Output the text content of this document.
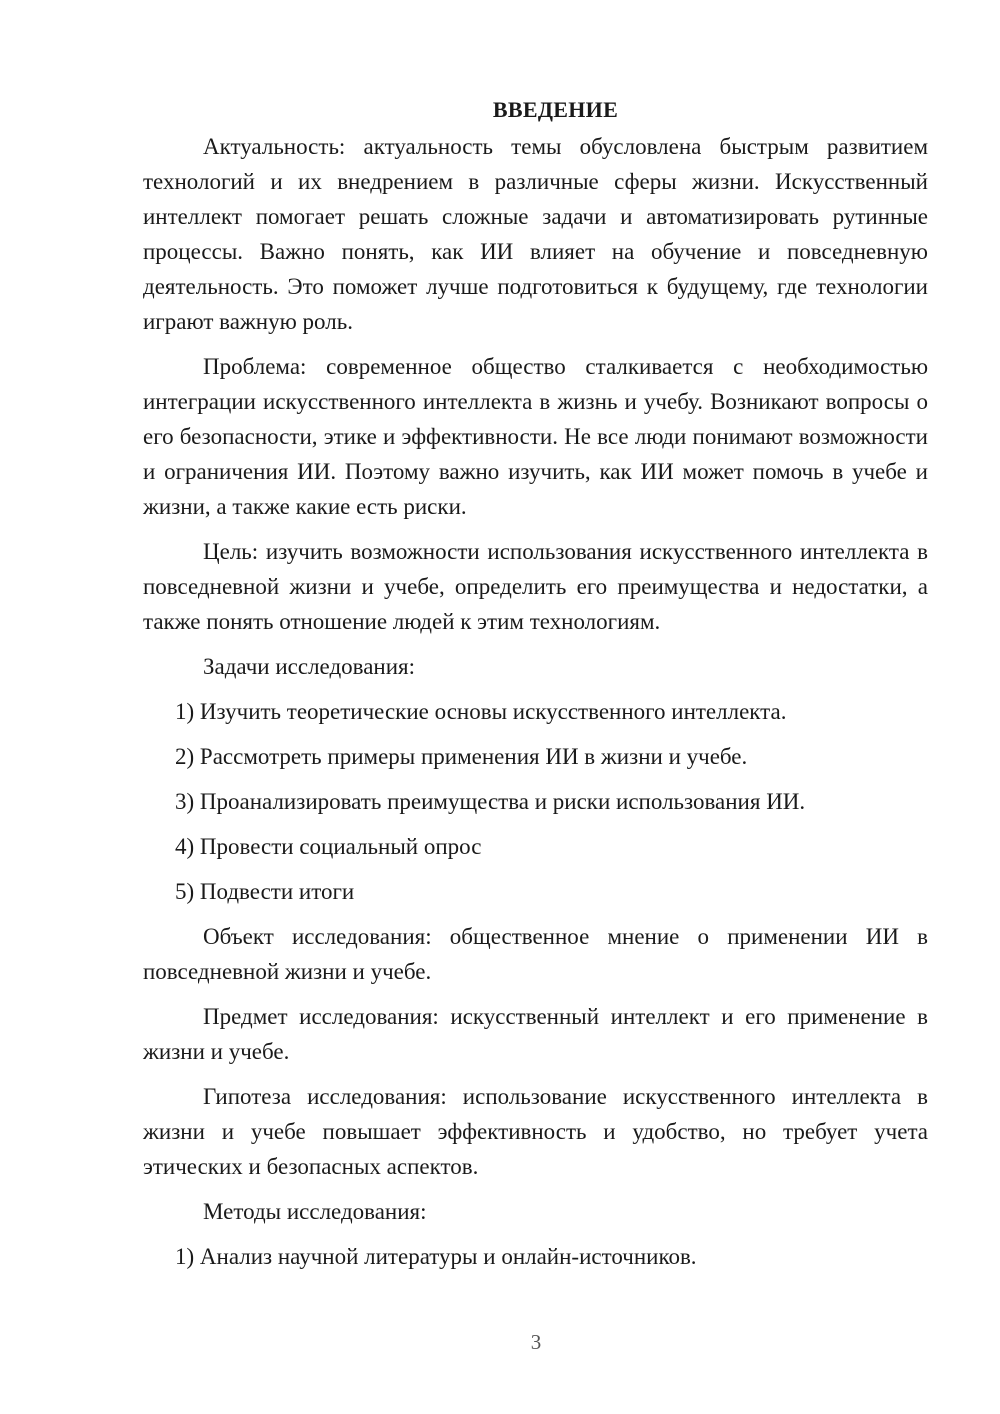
ВВЕДЕНИЕ

Актуальность: актуальность темы обусловлена быстрым развитием технологий и их внедрением в различные сферы жизни. Искусственный интеллект помогает решать сложные задачи и автоматизировать рутинные процессы. Важно понять, как ИИ влияет на обучение и повседневную деятельность. Это поможет лучше подготовиться к будущему, где технологии играют важную роль.

Проблема: современное общество сталкивается с необходимостью интеграции искусственного интеллекта в жизнь и учебу. Возникают вопросы о его безопасности, этике и эффективности. Не все люди понимают возможности и ограничения ИИ. Поэтому важно изучить, как ИИ может помочь в учебе и жизни, а также какие есть риски.

Цель: изучить возможности использования искусственного интеллекта в повседневной жизни и учебе, определить его преимущества и недостатки, а также понять отношение людей к этим технологиям.

Задачи исследования:

1) Изучить теоретические основы искусственного интеллекта.
2) Рассмотреть примеры применения ИИ в жизни и учебе.
3) Проанализировать преимущества и риски использования ИИ.
4) Провести социальный опрос
5) Подвести итоги

Объект исследования: общественное мнение о применении ИИ в повседневной жизни и учебе.

Предмет исследования: искусственный интеллект и его применение в жизни и учебе.

Гипотеза исследования: использование искусственного интеллекта в жизни и учебе повышает эффективность и удобство, но требует учета этических и безопасных аспектов.

Методы исследования:

1) Анализ научной литературы и онлайн-источников.
3
